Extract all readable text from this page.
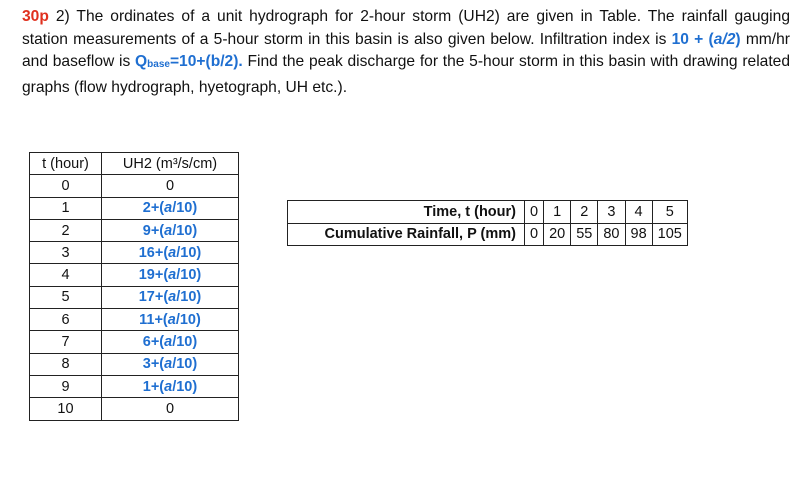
30p 2) The ordinates of a unit hydrograph for 2-hour storm (UH2) are given in Table. The rainfall gauging station measurements of a 5-hour storm in this basin is also given below. Infiltration index is 10 + (a/2) mm/hr and baseflow is Qbase=10+(b/2). Find the peak discharge for the 5-hour storm in this basin with drawing related graphs (flow hydrograph, hyetograph, UH etc.).
t (hour)	UH2 (m³/s/cm)
0	0
1	2+(a/10)
2	9+(a/10)
3	16+(a/10)
4	19+(a/10)
5	17+(a/10)
6	11+(a/10)
7	6+(a/10)
8	3+(a/10)
9	1+(a/10)
10	0
Time, t (hour)	0	1	2	3	4	5
Cumulative Rainfall, P (mm)	0	20	55	80	98	105
